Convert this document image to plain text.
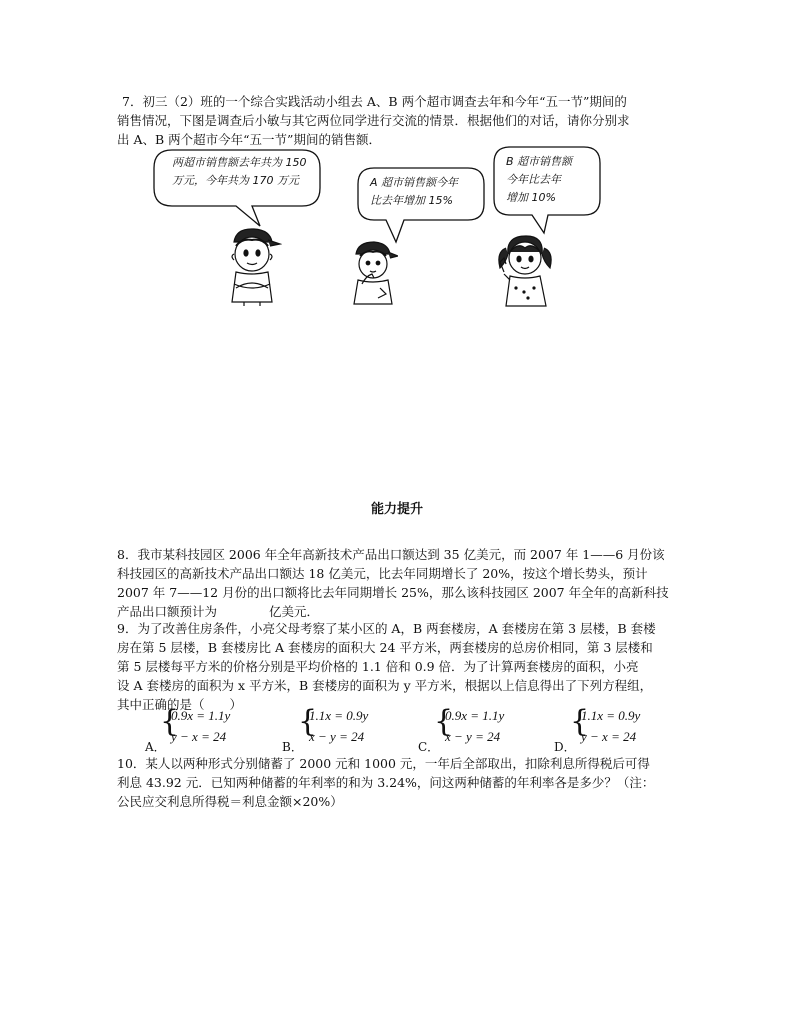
7．初三（2）班的一个综合实践活动小组去 A、B 两个超市调查去年和今年“五一节”期间的
销售情况，下图是调查后小敏与其它两位同学进行交流的情景．根据他们的对话，请你分别求
出 A、B 两个超市今年“五一节”期间的销售额．
两超市销售额去年共为 150
万元，今年共为 170 万元	A 超市销售额今年
比去年增加 15%
B 超市销售额
今年比去年
增加 10%
能力提升
8．我市某科技园区 2006 年全年高新技术产品出口额达到 35 亿美元，而 2007 年 1——6 月份该
科技园区的高新技术产品出口额达 18 亿美元，比去年同期增长了 20%，按这个增长势头，预计
2007 年 7——12 月份的出口额将比去年同期增长 25%，那么该科技园区 2007 年全年的高新科技
产品出口额预计为	亿美元．
9．为了改善住房条件，小亮父母考察了某小区的 A，B 两套楼房，A 套楼房在第 3 层楼，B 套楼
房在第 5 层楼，B 套楼房比 A 套楼房的面积大 24 平方米，两套楼房的总房价相同，第 3 层楼和
第 5 层楼每平方米的价格分别是平均价格的 1.1 倍和 0.9 倍．为了计算两套楼房的面积，小亮
设 A 套楼房的面积为 x 平方米，B 套楼房的面积为 y 平方米，根据以上信息得出了下列方程组，
其中正确的是（　　）
A．
{
0.9x = 1.1y
y − x = 24
B．
{
1.1x = 0.9y
x − y = 24
C．
{
0.9x = 1.1y
x − y = 24
D．
{
1.1x = 0.9y
y − x = 24
10．某人以两种形式分别储蓄了 2000 元和 1000 元，一年后全部取出，扣除利息所得税后可得
利息 43.92 元．已知两种储蓄的年利率的和为 3.24%，问这两种储蓄的年利率各是多少？（注：
公民应交利息所得税＝利息金额×20%）
